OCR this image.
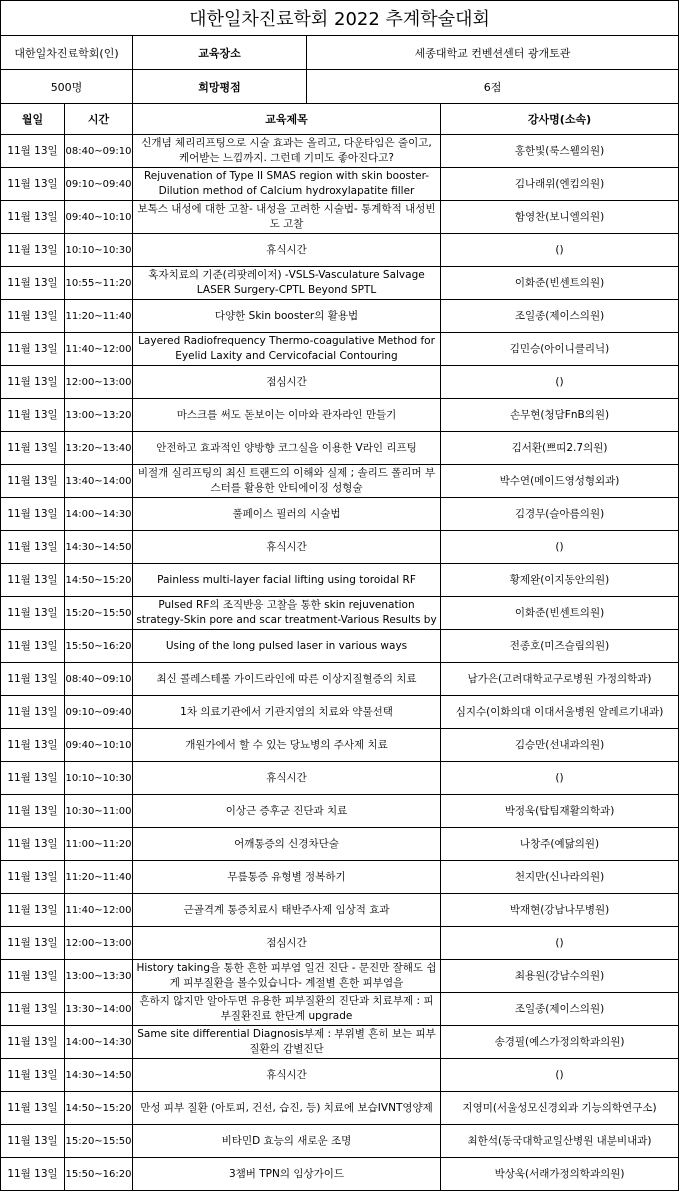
대한일차진료학회 2022 추계학술대회				
대한일차진료학회(인)		교육장소	세종대학교 컨벤션센터 광개토관	
500명		희망평점	6점	
월일	시간	교육제목		강사명(소속)
11월 13일	08:40~09:10	신개념 체리리프팅으로 시술 효과는 올리고, 다운타임은 줄이고, 케어받는 느낌까지. 그런데 기미도 좋아진다고?		홍한빛(룩스웰의원)
11월 13일	09:10~09:40	Rejuvenation of Type II SMAS region with skin booster-Dilution method of Calcium hydroxylapatite filler		김나래위(엔킴의원)
11월 13일	09:40~10:10	보톡스 내성에 대한 고찰- 내성을 고려한 시술법- 통계학적 내성빈도 고찰		함영찬(보니엘의원)
11월 13일	10:10~10:30	휴식시간		()
11월 13일	10:55~11:20	혹자치료의 기준(리팟레이저) -VSLS-Vasculature Salvage LASER Surgery-CPTL Beyond SPTL		이화준(빈센트의원)
11월 13일	11:20~11:40	다양한 Skin booster의 활용법		조일종(제이스의원)
11월 13일	11:40~12:00	Layered Radiofrequency Thermo-coagulative Method for Eyelid Laxity and Cervicofacial Contouring		김민승(아이니클리닉)
11월 13일	12:00~13:00	점심시간		()
11월 13일	13:00~13:20	마스크를 써도 돋보이는 이마와 관자라인 만들기		손무현(청담FnB의원)
11월 13일	13:20~13:40	안전하고 효과적인 양방향 코그실을 이용한 V라인 리프팅		김서환(쁘띠2.7의원)
11월 13일	13:40~14:00	비절개 실리프팅의 최신 트랜드의 이해와 실제 ; 솔리드 폴리머 부스터를 활용한 안티에이징 성형술		박수연(메이드영성형외과)
11월 13일	14:00~14:30	풀페이스 필러의 시술법		김경무(슬아름의원)
11월 13일	14:30~14:50	휴식시간		()
11월 13일	14:50~15:20	Painless multi-layer facial lifting using toroidal RF		황제완(이지동안의원)
11월 13일	15:20~15:50	Pulsed RF의 조직반응 고찰을 통한 skin rejuvenation strategy-Skin pore and scar treatment-Various Results by		이화준(빈센트의원)
11월 13일	15:50~16:20	Using of the long pulsed laser in various ways		전종호(미즈슬림의원)
11월 13일	08:40~09:10	최신 콜레스테롤 가이드라인에 따른 이상지질혈증의 치료		남가은(고려대학교구로병원 가정의학과)
11월 13일	09:10~09:40	1차 의료기관에서 기관지염의 치료와 약물선택		심지수(이화의대 이대서울병원 알레르기내과)
11월 13일	09:40~10:10	개원가에서 할 수 있는 당뇨병의 주사제 치료		김승만(선내과의원)
11월 13일	10:10~10:30	휴식시간		()
11월 13일	10:30~11:00	이상근 증후군 진단과 치료		박정욱(탑팀재활의학과)
11월 13일	11:00~11:20	어깨통증의 신경차단술		나창주(예닮의원)
11월 13일	11:20~11:40	무릎통증 유형별 정복하기		천지만(신나라의원)
11월 13일	11:40~12:00	근골격계 통증치료시 태반주사제 임상적 효과		박재현(강남나무병원)
11월 13일	12:00~13:00	점심시간		()
11월 13일	13:00~13:30	History taking을 통한 흔한 피부염 일건 진단 - 문진만 잘해도 쉽게 피부질환을 볼수있습니다- 계절별 흔한 피부염을		최용원(강남수의원)
11월 13일	13:30~14:00	흔하지 않지만 알아두면 유용한 피부질환의 진단과 치료부제 : 피부질환진료 한단계 upgrade		조일종(제이스의원)
11월 13일	14:00~14:30	Same site differential Diagnosis부제 : 부위별 흔히 보는 피부질환의 감별진단		송경필(예스가정의학과의원)
11월 13일	14:30~14:50	휴식시간		()
11월 13일	14:50~15:20	만성 피부 질환 (아토피, 건선, 습진, 등) 치료에 보습IVNT영양제		지영미(서울성모신경외과 기능의학연구소)
11월 13일	15:20~15:50	비타민D 효능의 새로운 조명		최한석(동국대학교일산병원 내분비내과)
11월 13일	15:50~16:20	3챔버 TPN의 임상가이드		박상욱(서래가정의학과의원)
